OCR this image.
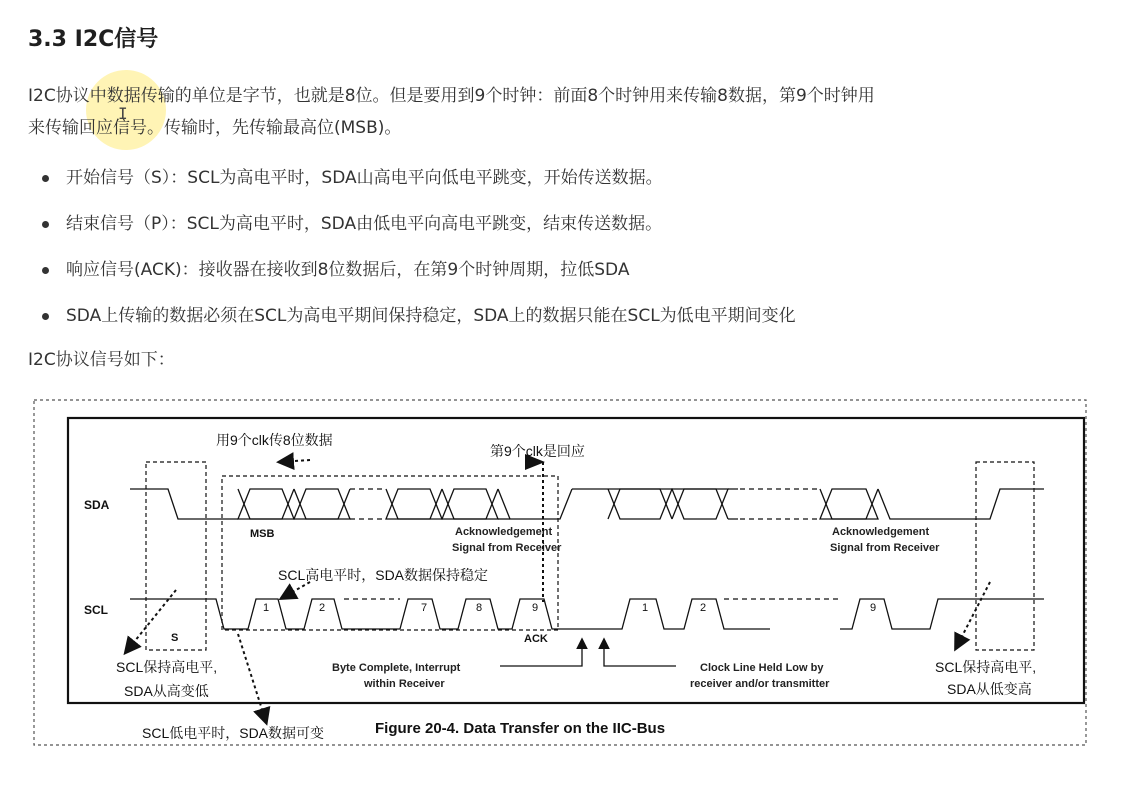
3.3 I2C信号
I2C协议中数据传输的单位是字节，也就是8位。但是要用到9个时钟：前面8个时钟用来传输8数据，第9个时钟用
来传输回应信号。传输时，先传输最高位(MSB)。
I
开始信号（S）：SCL为高电平时，SDA山高电平向低电平跳变，开始传送数据。
结束信号（P）：SCL为高电平时，SDA由低电平向高电平跳变，结束传送数据。
响应信号(ACK)：接收器在接收到8位数据后，在第9个时钟周期，拉低SDA
SDA上传输的数据必须在SCL为高电平期间保持稳定，SDA上的数据只能在SCL为低电平期间变化
I2C协议信号如下：
SDA
SCL	1	2	7	8	9	1	2	9
MSB
ACK
S
Acknowledgement Signal from Receiver
Acknowledgement Signal from Receiver
Byte Complete, Interrupt within Receiver
Clock Line Held Low by receiver and/or transmitter
Figure 20-4. Data Transfer on the IIC-Bus
用9个clk传8位数据
第9个clk是回应
SCL高电平时，SDA数据保持稳定
SCL保持高电平, SDA从高变低
SCL保持高电平, SDA从低变高
SCL低电平时，SDA数据可变
